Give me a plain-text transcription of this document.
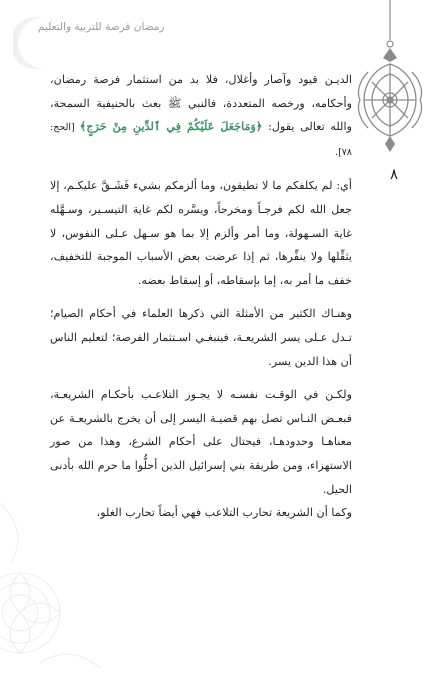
رمضان فرصة للتربية والتعليم
٨

الديـن قيود وآصار وأغلال، فلا بد من استثمار فرصة رمضان، وأحكامه، ورخصه المتعددة، فالنبي ﷺ بعث بالحنيفية السمحة، والله تعالى يقول: ﴿وَمَاجَعَلَ عَلَيْكُمْ فِي ٱلدِّينِ مِنْ حَرَجٍ﴾ [الحج: ٧٨].

أي: لم يكلفكم ما لا تطيقون، وما ألزمكم بشيء فَشَـقَّ عليكـم، إلا جعل الله لكم فرجـاً ومخرجاً، ويسَّره لكم غاية التيسـير، وسـهَّله غاية السـهولة، وما أمر وألزم إلا بما هو سـهل عـلى النفوس، لا يثقِّلها ولا ينفِّرها، ثم إذا عرضت بعض الأسباب الموجبة للتخفيف، خفف ما أمر به، إما بإسقاطه، أو إسقاط بعضه.

وهنـاك الكثير من الأمثلة التي ذكرها العلماء في أحكام الصيام؛ تـدل عـلى يسر الشريعـة، فينبغـي اسـتثمار الفرصة؛ لتعليم الناس أن هذا الدين يسر.

ولكـن في الوقـت نفسـه لا يجـوز التلاعـب بأحكـام الشريعـة، فبعـض النـاس تصل بهم قضيـة اليسر إلى أن يخرج بالشريعـة عن معناهـا وحدودهـا، فيحتال على أحكام الشرع، وهذا من صور الاستهزاء، ومن طريقة بني إسرائيل الذين أحلُّوا ما حرم الله بأدنى الحيل.

وكما أن الشريعة تحارب التلاعب فهي أيضاً تحارب الغلو،
